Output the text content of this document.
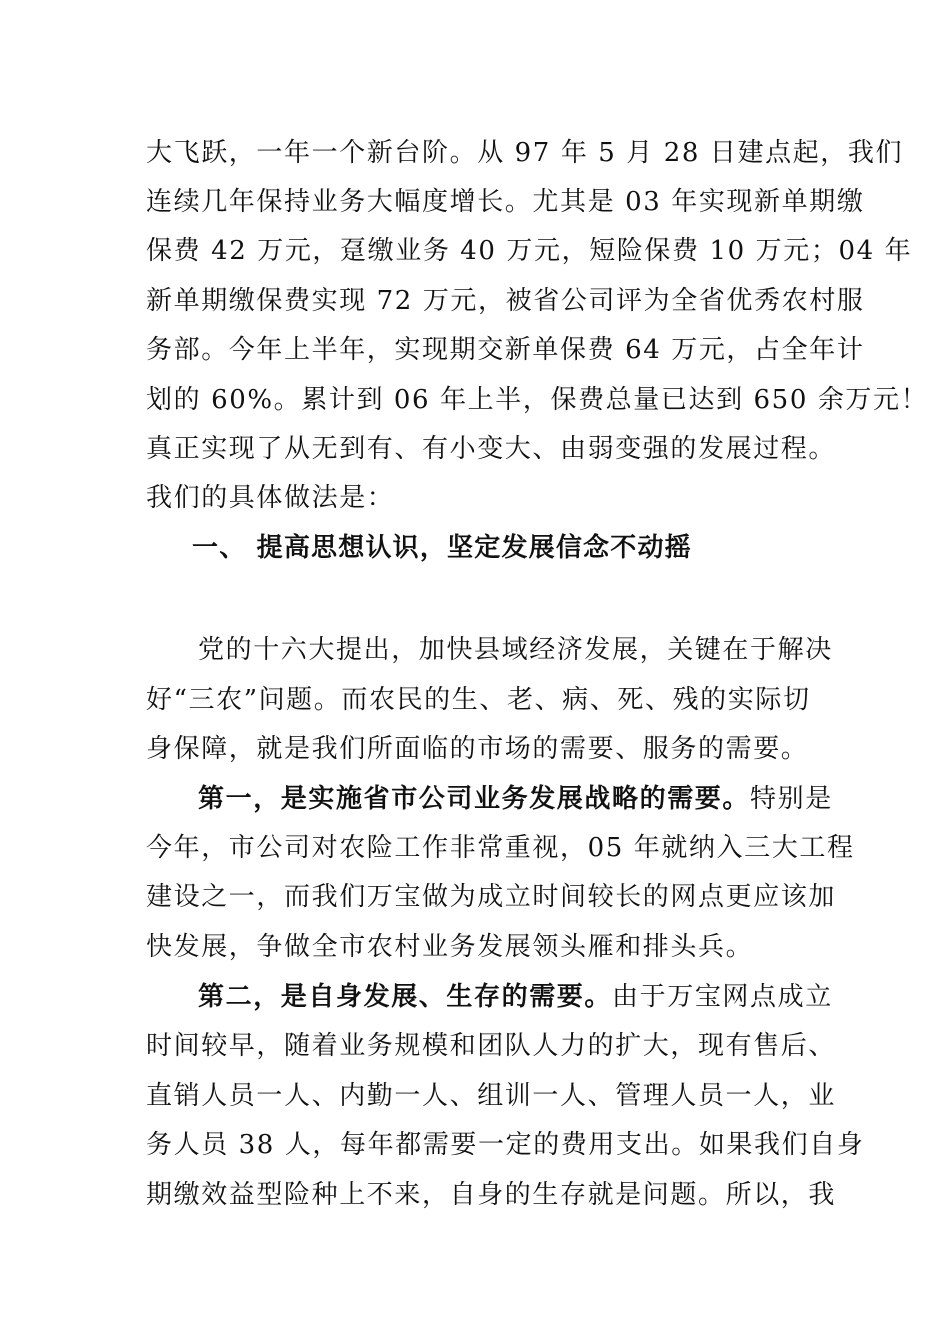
大飞跃，一年一个新台阶。从 97 年 5 月 28 日建点起，我们
连续几年保持业务大幅度增长。尤其是 03 年实现新单期缴
保费 42 万元，趸缴业务 40 万元，短险保费 10 万元；04 年
新单期缴保费实现 72 万元，被省公司评为全省优秀农村服
务部。今年上半年，实现期交新单保费 64 万元，占全年计
划的 60%。累计到 06 年上半，保费总量已达到 650 余万元！
真正实现了从无到有、有小变大、由弱变强的发展过程。
我们的具体做法是：
一、 提高思想认识，坚定发展信念不动摇
党的十六大提出，加快县域经济发展，关键在于解决
好“三农”问题。而农民的生、老、病、死、残的实际切
身保障，就是我们所面临的市场的需要、服务的需要。
第一，是实施省市公司业务发展战略的需要。特别是
今年，市公司对农险工作非常重视，05 年就纳入三大工程
建设之一，而我们万宝做为成立时间较长的网点更应该加
快发展，争做全市农村业务发展领头雁和排头兵。
第二，是自身发展、生存的需要。由于万宝网点成立
时间较早，随着业务规模和团队人力的扩大，现有售后、
直销人员一人、内勤一人、组训一人、管理人员一人，业
务人员 38 人，每年都需要一定的费用支出。如果我们自身
期缴效益型险种上不来，自身的生存就是问题。所以，我
